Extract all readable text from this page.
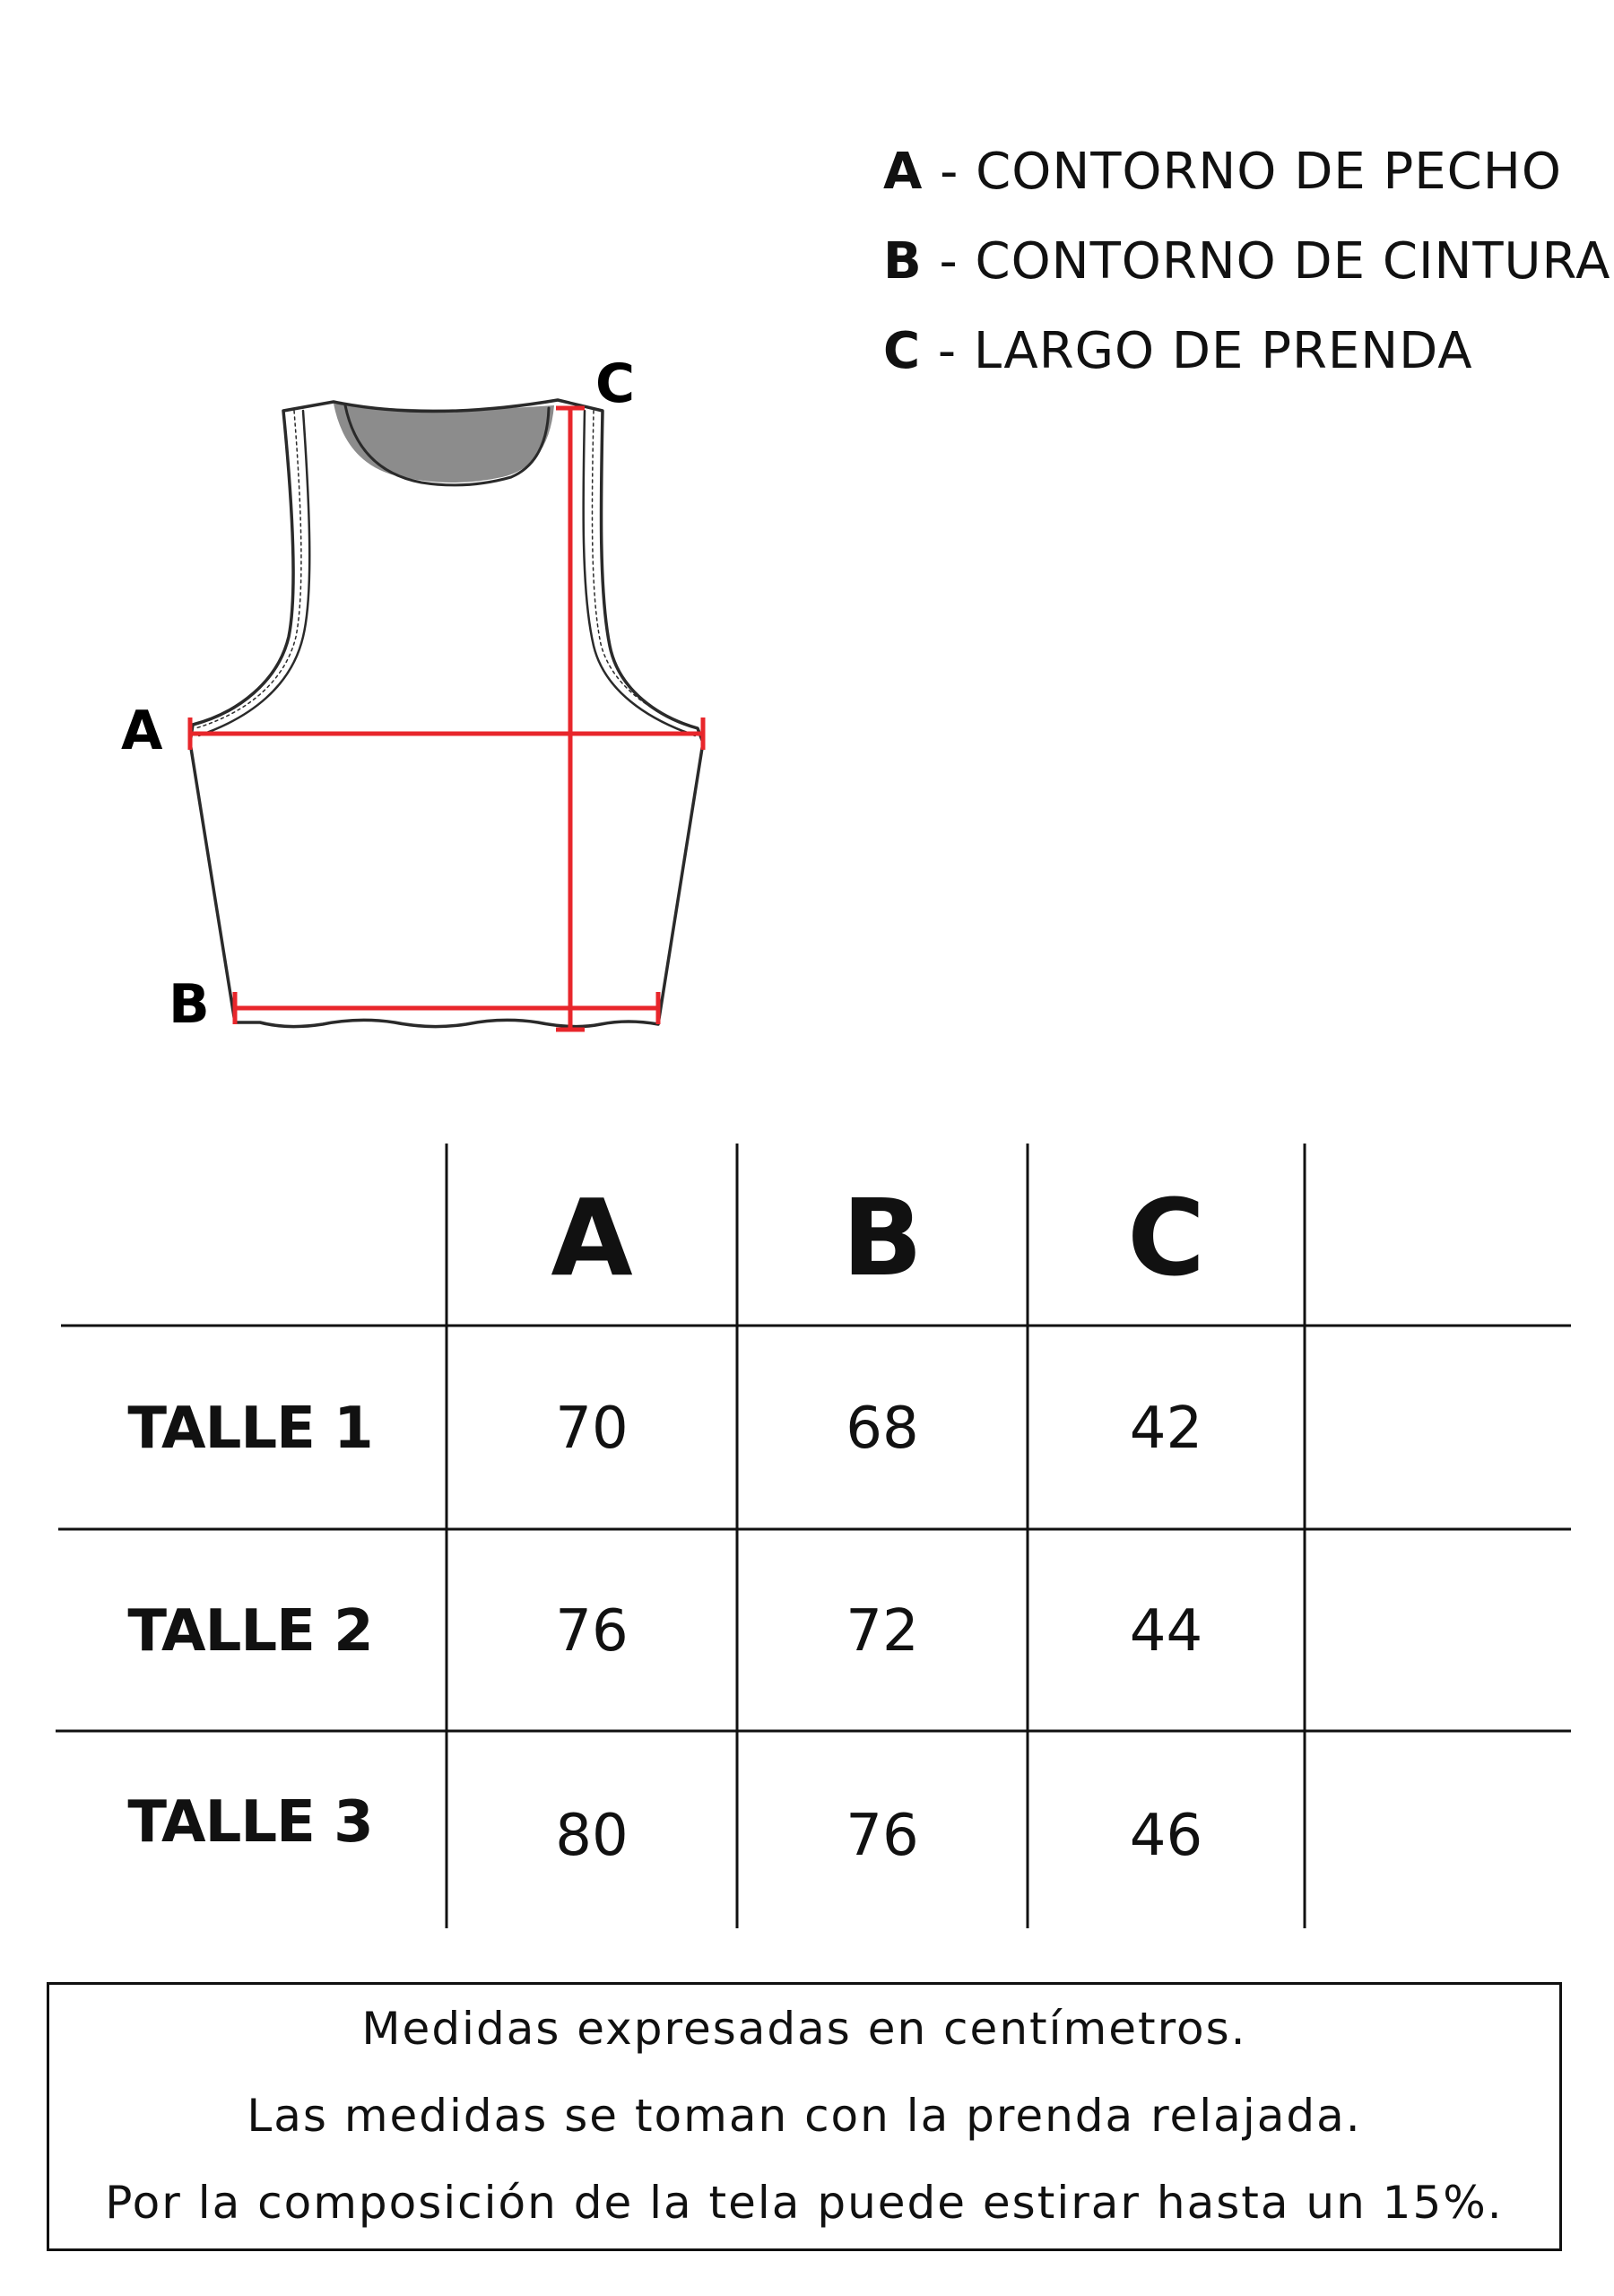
A - CONTORNO DE PECHO
B - CONTORNO DE CINTURA
C - LARGO DE PRENDA
A
B
C
A	B	C
TALLE 1	70	68	42
TALLE 2	76	72	44
TALLE 3	80	76	46
Medidas expresadas en centímetros.
Las medidas se toman con la prenda relajada.
Por la composición de la tela puede estirar hasta un 15%.
